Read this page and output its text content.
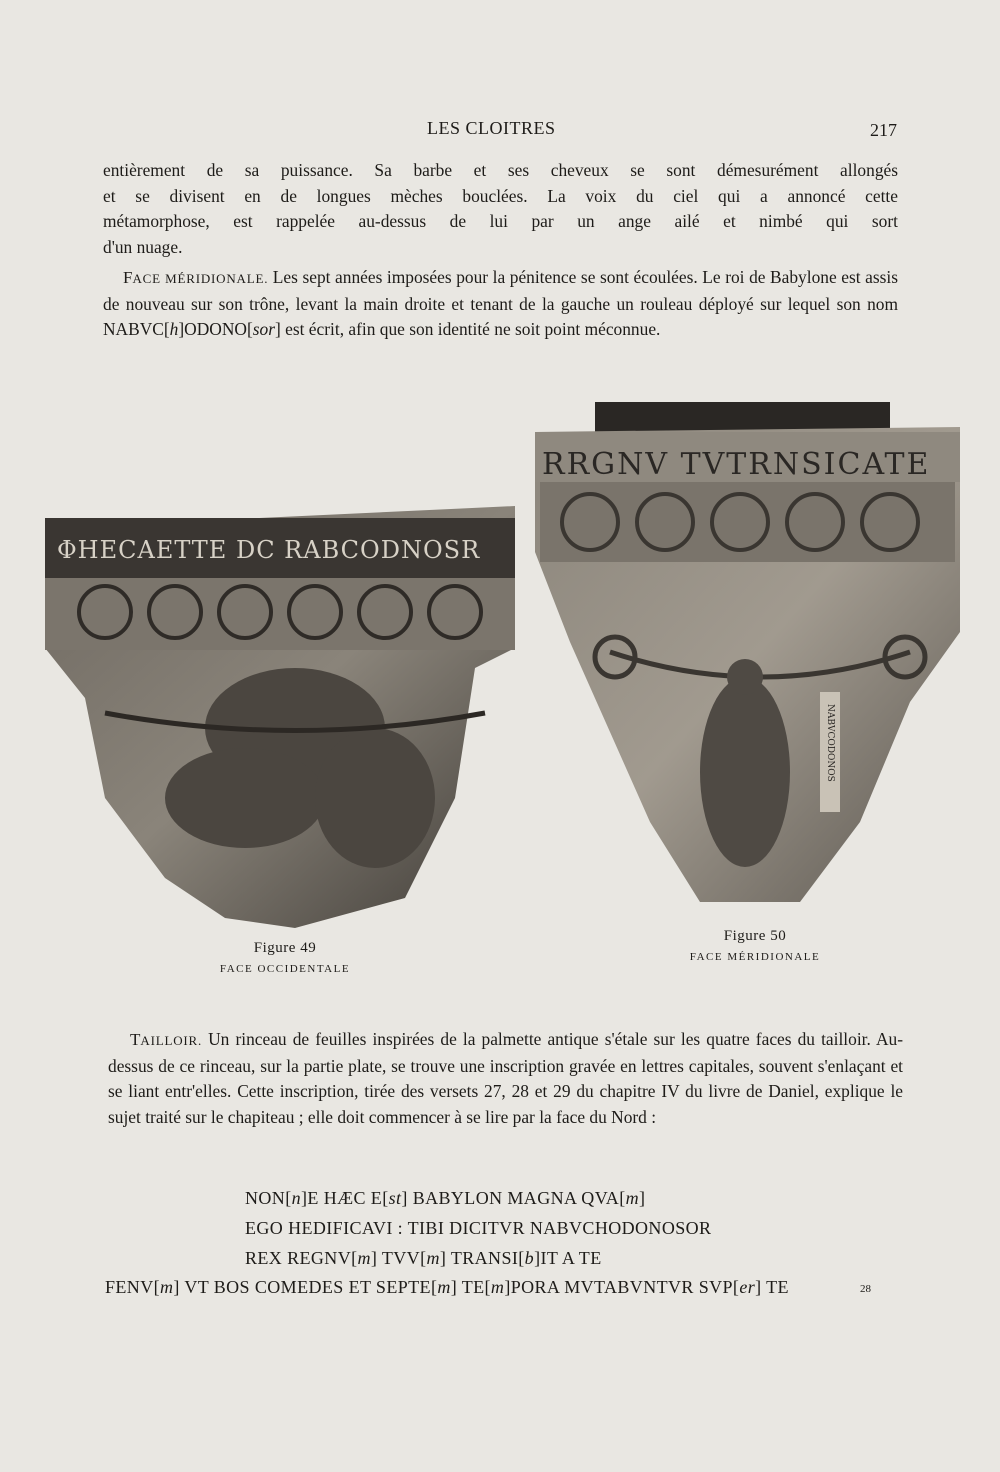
LES CLOITRES	217
entièrement de sa puissance. Sa barbe et ses cheveux se sont démesurément allongés
et se divisent en de longues mèches bouclées. La voix du ciel qui a annoncé cette
métamorphose, est rappelée au-dessus de lui par un ange ailé et nimbé qui sort
d'un nuage.
FACE MÉRIDIONALE. Les sept années imposées pour la pénitence se sont écoulées. Le roi de Babylone est assis de nouveau sur son trône, levant la main droite et tenant de la gauche un rouleau déployé sur lequel son nom NABVC[h]ODONO[sor] est écrit, afin que son identité ne soit point méconnue.
ΦHECAETTE DC RABCODNOSR
Figure 49
FACE OCCIDENTALE
RRGNV TVTRNSICATE
NABVCODONOS
Figure 50
FACE MÉRIDIONALE
TAILLOIR. Un rinceau de feuilles inspirées de la palmette antique s'étale sur les quatre faces du tailloir. Au-dessus de ce rinceau, sur la partie plate, se trouve une inscription gravée en lettres capitales, souvent s'enlaçant et se liant entr'elles. Cette inscription, tirée des versets 27, 28 et 29 du chapitre IV du livre de Daniel, explique le sujet traité sur le chapiteau ; elle doit commencer à se lire par la face du Nord :
NON[n]E HÆC E[st] BABYLON MAGNA QVA[m]
EGO HEDIFICAVI : TIBI DICITVR NABVCHODONOSOR
REX REGNV[m] TVV[m] TRANSI[b]IT A TE
FENV[m] VT BOS COMEDES ET SEPTE[m] TE[m]PORA MVTABVNTVR SVP[er] TE	28
